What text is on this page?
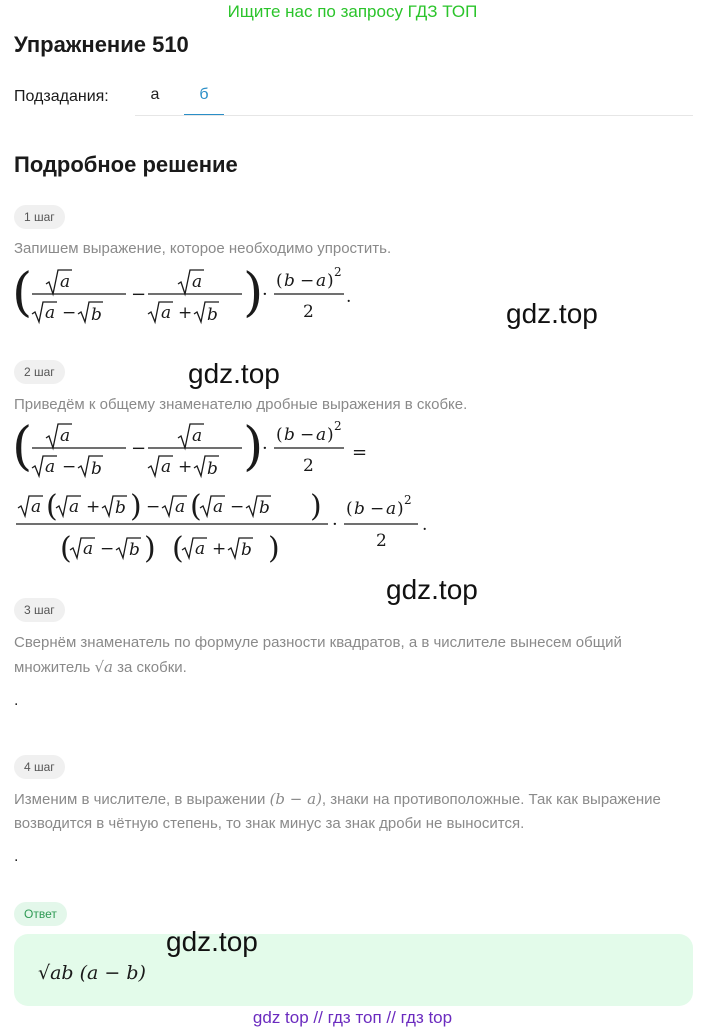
Ищите нас по запросу ГДЗ ТОП
Упражнение 510
Подзадания:	а	б
Подробное решение
1 шаг
Запишем выражение, которое необходимо упростить.
( a
a − b
−
a
a + b )
·
( b − a ) 2
2
.
gdz.top
2 шаг	gdz.top
Приведём к общему знаменателю дробные выражения в скобке.
( a
a − b
−
a
a + b )
·
( b − a ) 2
2
=
a ( a + b ) − a ( a − b )
( a − b ) ( a + b )
·
( b − a ) 2
2
.
gdz.top
3 шаг
Свернём знаменатель по формуле разности квадратов, а в числителе вынесем общий множитель √a за скобки.
.
4 шаг
Изменим в числителе, в выражении (b − a), знаки на противоположные. Так как выражение возводится в чётную степень, то знак минус за знак дроби не выносится.
.
Ответ
√ab (a − b)
gdz.top
gdz top // гдз топ // гдз top
